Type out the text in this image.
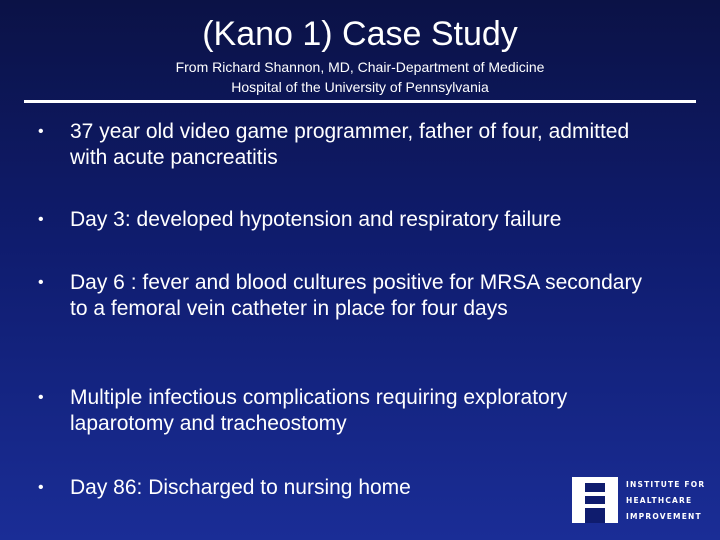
(Kano 1) Case Study
From Richard Shannon, MD, Chair-Department of Medicine
Hospital of the University of Pennsylvania
• 37 year old video game programmer, father of four, admitted with acute pancreatitis
• Day 3: developed hypotension and respiratory failure
• Day 6 : fever and blood cultures positive for MRSA secondary to a femoral vein catheter in place for four days
• Multiple infectious complications requiring exploratory laparotomy and tracheostomy
• Day 86: Discharged to nursing home	INSTITUTE FOR
HEALTHCARE
IMPROVEMENT
